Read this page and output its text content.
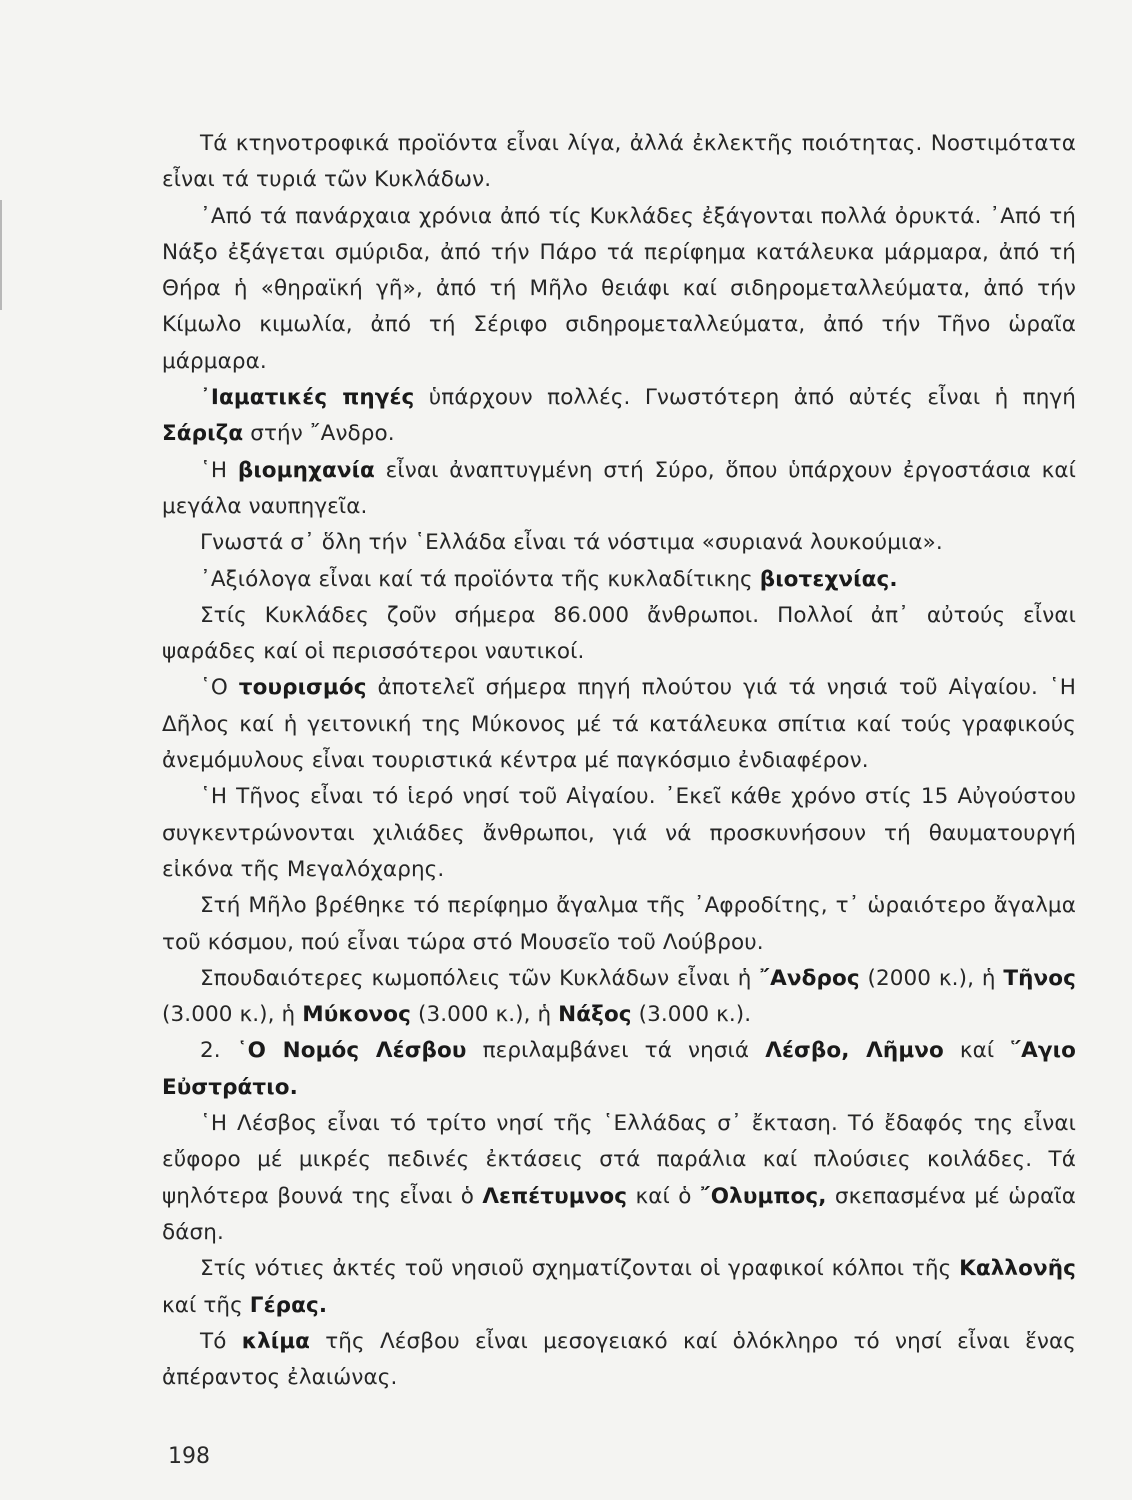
Τά κτηνοτροφικά προϊόντα εἶναι λίγα, ἀλλά ἐκλεκτῆς ποιότητας. Νοστιμότατα εἶναι τά τυριά τῶν Κυκλάδων.

᾿Από τά πανάρχαια χρόνια ἀπό τίς Κυκλάδες ἐξάγονται πολλά ὀρυκτά. ᾿Από τή Νάξο ἐξάγεται σμύριδα, ἀπό τήν Πάρο τά περίφημα κατάλευκα μάρμαρα, ἀπό τή Θήρα ἡ «θηραϊκή γῆ», ἀπό τή Μῆλο θειάφι καί σιδηρομεταλλεύματα, ἀπό τήν Κίμωλο κιμωλία, ἀπό τή Σέριφο σιδηρομεταλλεύματα, ἀπό τήν Τῆνο ὡραῖα μάρμαρα.

᾿Ιαματικές πηγές ὑπάρχουν πολλές. Γνωστότερη ἀπό αὐτές εἶναι ἡ πηγή Σάριζα στήν ῎Ανδρο.

῾Η βιομηχανία εἶναι ἀναπτυγμένη στή Σύρο, ὅπου ὑπάρχουν ἐργοστάσια καί μεγάλα ναυπηγεῖα.

Γνωστά σ᾿ ὅλη τήν ῾Ελλάδα εἶναι τά νόστιμα «συριανά λουκούμια».

᾿Αξιόλογα εἶναι καί τά προϊόντα τῆς κυκλαδίτικης βιοτεχνίας.

Στίς Κυκλάδες ζοῦν σήμερα 86.000 ἄνθρωποι. Πολλοί ἀπ᾿ αὐτούς εἶναι ψαράδες καί οἱ περισσότεροι ναυτικοί.

῾Ο τουρισμός ἀποτελεῖ σήμερα πηγή πλούτου γιά τά νησιά τοῦ Αἰγαίου. ῾Η Δῆλος καί ἡ γειτονική της Μύκονος μέ τά κατάλευκα σπίτια καί τούς γραφικούς ἀνεμόμυλους εἶναι τουριστικά κέντρα μέ παγκόσμιο ἐνδιαφέρον.

῾Η Τῆνος εἶναι τό ἱερό νησί τοῦ Αἰγαίου. ᾿Εκεῖ κάθε χρόνο στίς 15 Αὐγούστου συγκεντρώνονται χιλιάδες ἄνθρωποι, γιά νά προσκυνήσουν τή θαυματουργή εἰκόνα τῆς Μεγαλόχαρης.

Στή Μῆλο βρέθηκε τό περίφημο ἄγαλμα τῆς ᾿Αφροδίτης, τ᾿ ὡραιότερο ἄγαλμα τοῦ κόσμου, πού εἶναι τώρα στό Μουσεῖο τοῦ Λούβρου.

Σπουδαιότερες κωμοπόλεις τῶν Κυκλάδων εἶναι ἡ ῎Ανδρος (2000 κ.), ἡ Τῆνος (3.000 κ.), ἡ Μύκονος (3.000 κ.), ἡ Νάξος (3.000 κ.).

2. ῾Ο Νομός Λέσβου περιλαμβάνει τά νησιά Λέσβο, Λῆμνο καί ῞Αγιο Εὐστράτιο.

῾Η Λέσβος εἶναι τό τρίτο νησί τῆς ῾Ελλάδας σ᾿ ἔκταση. Τό ἔδαφός της εἶναι εὔφορο μέ μικρές πεδινές ἐκτάσεις στά παράλια καί πλούσιες κοιλάδες. Τά ψηλότερα βουνά της εἶναι ὁ Λεπέτυμνος καί ὁ ῎Ολυμπος, σκεπασμένα μέ ὡραῖα δάση.

Στίς νότιες ἀκτές τοῦ νησιοῦ σχηματίζονται οἱ γραφικοί κόλποι τῆς Καλλονῆς καί τῆς Γέρας.

Τό κλίμα τῆς Λέσβου εἶναι μεσογειακό καί ὁλόκληρο τό νησί εἶναι ἕνας ἀπέραντος ἐλαιώνας.

198
